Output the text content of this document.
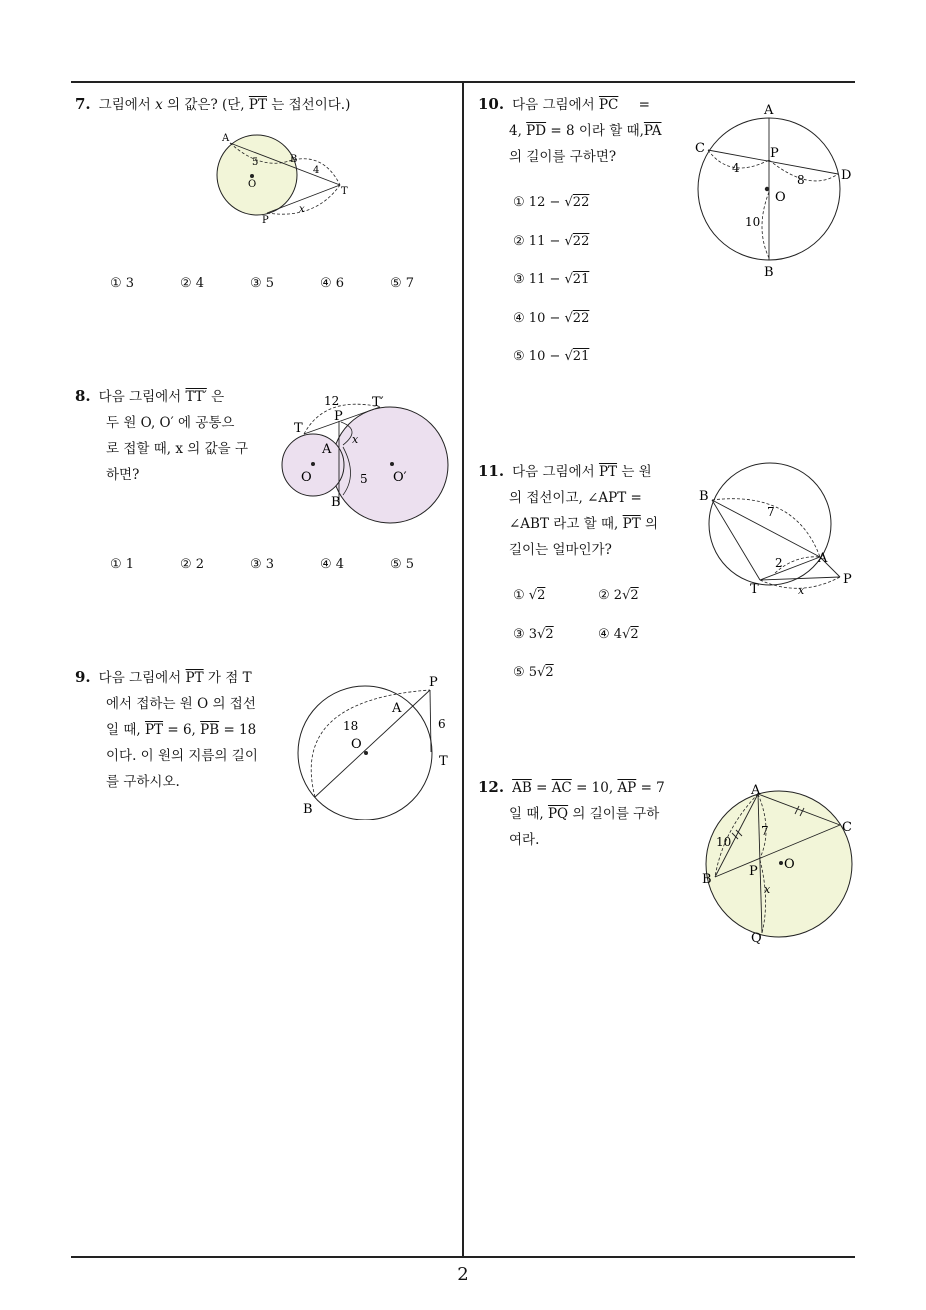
7. 그림에서 x 의 값은? (단, $\overline{PT}$ 는 접선이다.)
A
B
O
T
P
5
4
x
① 3	② 4	③ 5	④ 6	⑤ 7
8. 다음 그림에서 TT′ 은
두 원 O, O′ 에 공통으
로 접할 때, x 의 값을 구
하면?
12	T′
P
T
x
A
O	5 O′
B
① 1	② 2	③ 3	④ 4	⑤ 5
9. 다음 그림에서 $\overline{PT}$ 가 점 T
에서 접하는 원 O 의 접선
일 때, $\overline{PT} = 6$, $\overline{PB} = 18$
이다. 이 원의 지름의 길이
를 구하시오.
P
A
18
O
6
T
B
10. 다음 그림에서 $\overline{PC}$ =
4, $\overline{PD} = 8$ 이라 할 때$,\overline{PA}$
의 길이를 구하면?
A
C	P
D
4
8
O
10
B
① 12 − √22
② 11 − √22
③ 11 − √21
④ 10 − √22
⑤ 10 − √21
11. 다음 그림에서 $\overline{PT}$ 는 원
의 접선이고, ∠APT =
∠ABT 라고 할 때, $\overline{PT}$ 의
길이는 얼마인가?
B
7
2	A
P
T	x
① √2	② 2√2
③ 3√2	④ 4√2
⑤ 5√2
12. $\overline{AB} = \overline{AC} = 10$, $\overline{AP} = 7$
일 때, $\overline{PQ}$ 의 길이를 구하
여라.
A
C
10
7
O
P
B
x
Q
2
